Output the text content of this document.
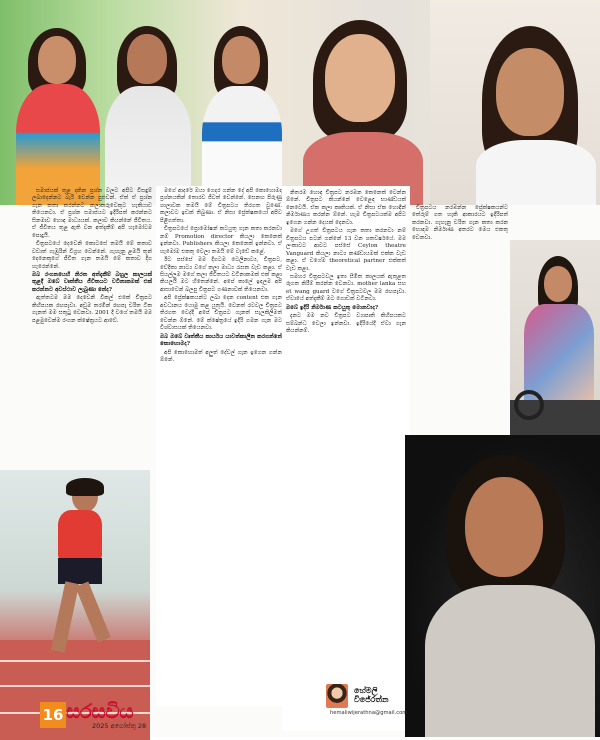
සමාජයක් තුළ දකින ප්‍රශ්න වලට අපිට විසඳුම් ලබාදෙන්නට බැරි වෙන්න පුළුවන්. ඒත් ඒ ප්‍රශ්න ගැන කතා කරන්නට කලාකරුවෙකුට හැකියාව තියෙනවා. ඒ ප්‍රශ්න සමාජයට ඉදිරිපත් කරන්නට සිනමාව හොඳ මාධ්‍යයක්. කලාව කියන්නේ ජීවිතය. ඒ ජීවිතය තුළ ඇති වන අත්දැකීම් අපි හැමෝටම පොදුයි.

චිත්‍රපටයේ දෙවෙනි කොටසේ තමයි මේ කතාව වඩාත් ගැඹුරින් විග්‍රහ වෙන්නේ. ගැහැනු ළමයි තුන් දෙනෙකුගේ ජීවිත ගැන තමයි මේ කතාව දිග හැරෙන්නේ.

ඔබ රංගනයෙහි නිරත අත්දැකීම් බහුල කාලයක් තුළදී ඔබේ වෘත්තීය ජීවිතයට වටිනාකමක් එක් කරන්නට අවස්ථාව ලැබුණා නේද?

ඇත්තටම මම දෙවෙනි විකල් එකේ චිත්‍රපට කිහිපයක රඟපෑවා. අඩුම තරමින් රඟපෑ චරිත ටික ගැනත් මම සතුටු වෙනවා. 2001 දී වගේ තමයි මම පළමුවෙන්ම රංගන ක්ෂේත්‍රයට ආවේ.

මගේ ආදරේ ඔයා ගෙදර ගන්න දේ අපි කොහොමද ප්‍රශ්නයකින් තොරව ජීවත් වෙන්නේ. සෙනඟ පිරුණු ශාලාවක තමයි මේ චිත්‍රපටය තිරගත වුණේ. කලාවට ඉඩක් තිබුණා. ඒ නිසා ප්‍රේක්ෂකයෝ අපිව පිළිගත්තා.

චිත්‍රපටයේ ප්‍රොමෝෂන් කටයුතු ගැන කතා කරනවා නම් Promotion director කියලා කෙනෙක් ඉන්නවා. Publishers කියලා කෙනෙක් ඉන්නවා. ඒ හැමෝම එකතු වෙලා තමයි මේ වැඩේ කළේ.

ඊට පස්සේ මම දිගටම ටෙලිනාට්‍ය, චිත්‍රපට, වේදිකා නාට්‍ය වගේ කලා මාධ්‍ය රැසක වැඩ කළා. ඒ සියල්ලම මගේ කලා ජීවිතයට වටිනාකමක් එක් කළා කියලයි මට හිතෙන්නේ. අපේ කාලේ ඉඳලම අපි ආසාවෙන් බලපු චිත්‍රපට ගණනාවක් තියෙනවා.

අපි ප්‍රේක්ෂකයන්ට ලබා දෙන content එක ගැන අවධානය යොමු කළ යුතුයි. වෙනත් රටවල චිත්‍රපට තිරගත වෙද්දී අපේ චිත්‍රපට ගැනත් සැලකිලිමත් වෙන්න ඕනේ. මේ ක්ෂේත්‍රයේ ඉදිරි ගමන ගැන මට විශ්වාසයක් තියෙනවා.

ඔබ ඔබේ වෘත්තීය කාර්යය යාවත්කාලීන කරගන්නේ කොහොමද?

අපි කොහොමත් අලුත් දේවල් ගැන ඉගෙන ගන්න ඕනේ.

නිතරම හොඳ චිත්‍රපට නරඹන කෙනෙක් වෙන්න ඕනේ. චිත්‍රපට කියන්නේ වෙළෙඳ භාණ්ඩයක් නෙවෙයි. ඒක කලා කෘතියක්. ඒ නිසා ඒක හොඳින් නිර්මාණය කරන්න ඕනේ. හැම චිත්‍රපටයක්ම අපිට ඉගෙන ගන්න දෙයක් දෙනවා.

මගේ උගත් චිත්‍රපටය ගැන කතා කරනවා නම් චිත්‍රපටය පටන් ගන්නේ 13 වන ශතවර්ෂයේ. මම ලංකාවට ආවට පස්සේ Ceylon theatre Vanguard කියලා නාට්‍ය කණ්ඩායමක් එක්ක වැඩ කළා. ඒ වගේම theoretical partner එක්කත් වැඩ කළා.

සමහර චිත්‍රපටවල ඉතා සීමිත කාලයක් ඇතුළත රූගත කිරීම් කරන්න වෙනවා. mother lanka සහ et wang guard වගේ චිත්‍රපටවල මම රඟපෑවා. ඒවායේ අත්දැකීම් මට ගොඩක් වටිනවා.

ඔබේ ඉදිරි නිර්මාණ කටයුතු මොනවාද?

දැනට මම නව චිත්‍රපට ව්‍යාපෘති කිහිපයකට සම්බන්ධ වෙලා ඉන්නවා. ඉදිරියේදී ඒවා ගැන කියන්නම්.

චිත්‍රපටය නරඹන්න ප්‍රේක්ෂකයන්ට තේරුම් ගත හැකි ආකාරයට ඉදිරිපත් කරනවා. ගැහැනු චරිත ගැන කතා කරන හොඳම නිර්මාණ අතරට මෙය එකතු වෙනවා.

හේමලි විජේරත්න
hemaliwijerathna@gmail.com
16 සරසවිය
2025 අගෝස්තු 28
